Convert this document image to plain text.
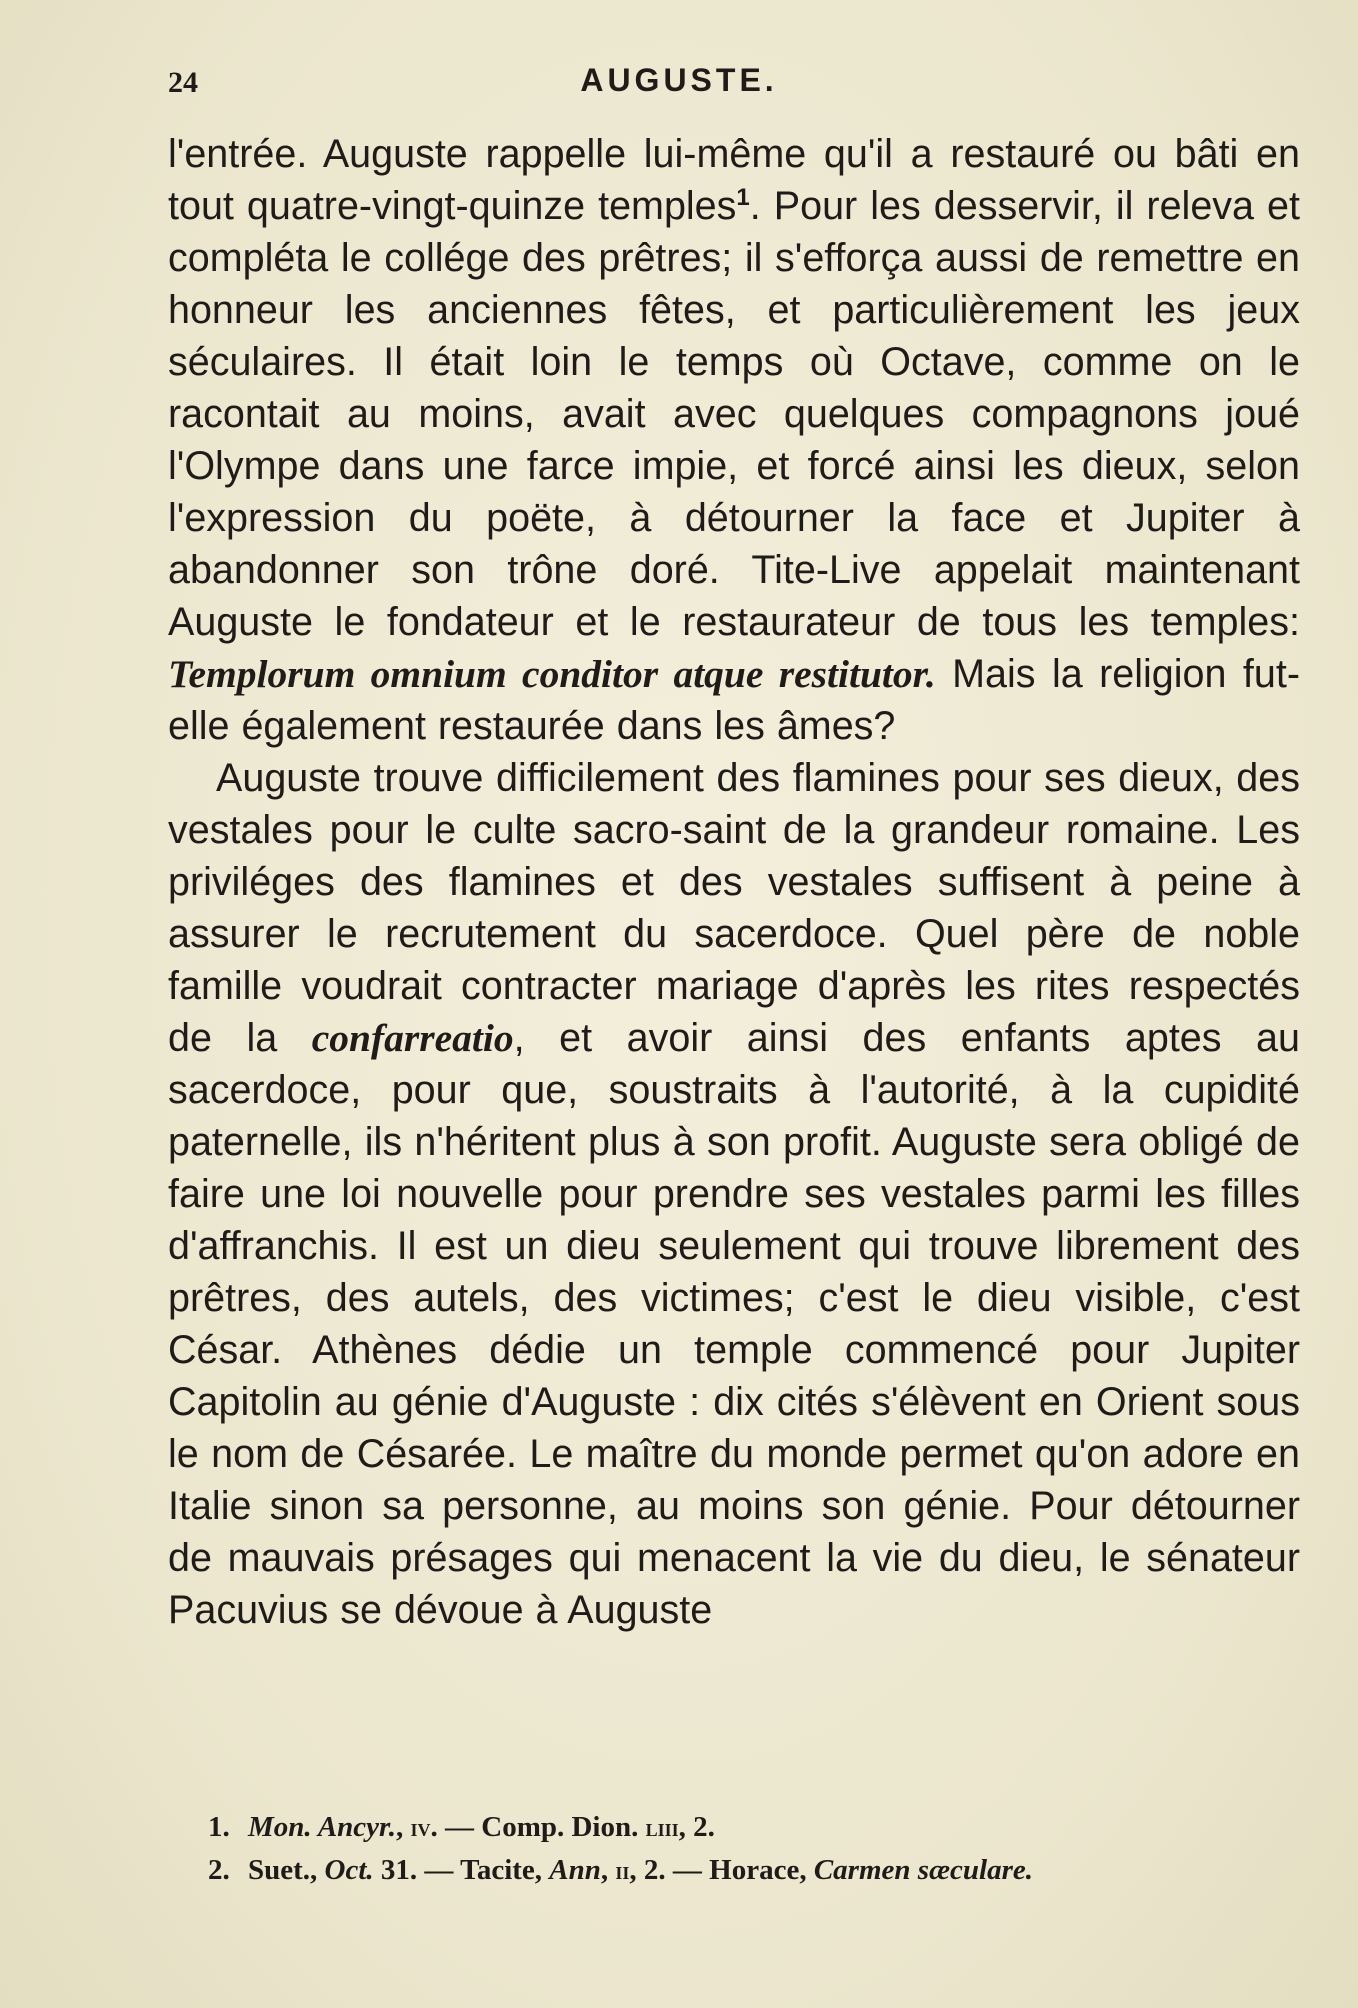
24	AUGUSTE.

l'entrée. Auguste rappelle lui-même qu'il a restauré ou bâti en tout quatre-vingt-quinze temples$^1$. Pour les desservir, il releva et compléta le collége des prêtres; il s'efforça aussi de remettre en honneur les anciennes fêtes, et particulièrement les jeux séculaires. Il était loin le temps où Octave, comme on le racontait au moins, avait avec quelques compagnons joué l'Olympe dans une farce impie, et forcé ainsi les dieux, selon l'expression du poëte, à détourner la face et Jupiter à abandonner son trône doré. Tite-Live appelait maintenant Auguste le fondateur et le restaurateur de tous les temples: Templorum omnium conditor atque restitutor. Mais la religion fut-elle également restaurée dans les âmes?

Auguste trouve difficilement des flamines pour ses dieux, des vestales pour le culte sacro-saint de la grandeur romaine. Les priviléges des flamines et des vestales suffisent à peine à assurer le recrutement du sacerdoce. Quel père de noble famille voudrait contracter mariage d'après les rites respectés de la confarreatio, et avoir ainsi des enfants aptes au sacerdoce, pour que, soustraits à l'autorité, à la cupidité paternelle, ils n'héritent plus à son profit. Auguste sera obligé de faire une loi nouvelle pour prendre ses vestales parmi les filles d'affranchis. Il est un dieu seulement qui trouve librement des prêtres, des autels, des victimes; c'est le dieu visible, c'est César. Athènes dédie un temple commencé pour Jupiter Capitolin au génie d'Auguste : dix cités s'élèvent en Orient sous le nom de Césarée. Le maître du monde permet qu'on adore en Italie sinon sa personne, au moins son génie. Pour détourner de mauvais présages qui menacent la vie du dieu, le sénateur Pacuvius se dévoue à Auguste

1. Mon. Ancyr., iv. — Comp. Dion. liii, 2.
2. Suet., Oct. 31. — Tacite, Ann, ii, 2. — Horace, Carmen sæculare.
